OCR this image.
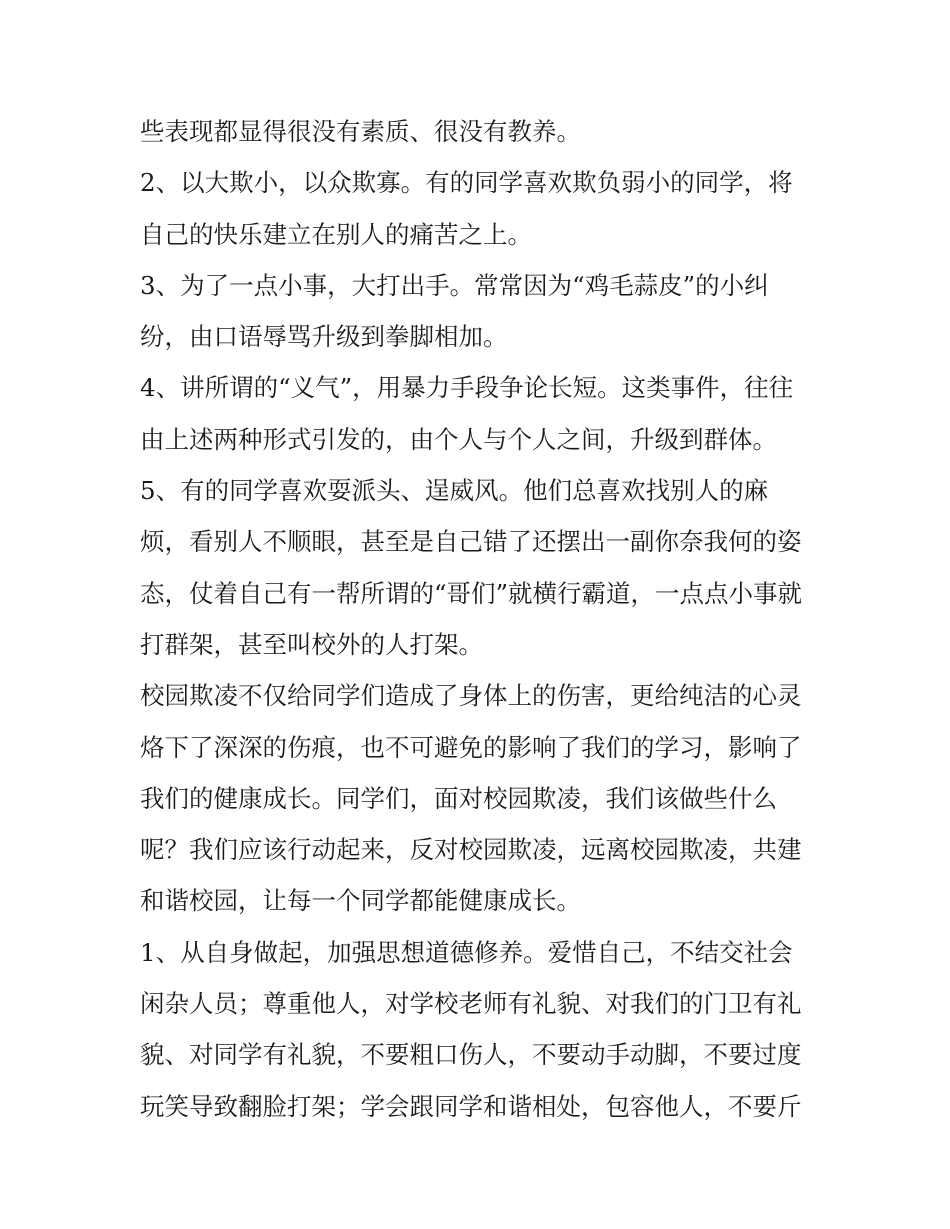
些表现都显得很没有素质、很没有教养。
2、以大欺小，以众欺寡。有的同学喜欢欺负弱小的同学，将
自己的快乐建立在别人的痛苦之上。
3、为了一点小事，大打出手。常常因为“鸡毛蒜皮”的小纠
纷，由口语辱骂升级到拳脚相加。
4、讲所谓的“义气”，用暴力手段争论长短。这类事件，往往
由上述两种形式引发的，由个人与个人之间，升级到群体。
5、有的同学喜欢耍派头、逞威风。他们总喜欢找别人的麻
烦，看别人不顺眼，甚至是自己错了还摆出一副你奈我何的姿
态，仗着自己有一帮所谓的“哥们”就横行霸道，一点点小事就
打群架，甚至叫校外的人打架。
校园欺凌不仅给同学们造成了身体上的伤害，更给纯洁的心灵
烙下了深深的伤痕，也不可避免的影响了我们的学习，影响了
我们的健康成长。同学们，面对校园欺凌，我们该做些什么
呢？我们应该行动起来，反对校园欺凌，远离校园欺凌，共建
和谐校园，让每一个同学都能健康成长。
1、从自身做起，加强思想道德修养。爱惜自己，不结交社会
闲杂人员；尊重他人，对学校老师有礼貌、对我们的门卫有礼
貌、对同学有礼貌，不要粗口伤人，不要动手动脚，不要过度
玩笑导致翻脸打架；学会跟同学和谐相处，包容他人，不要斤
